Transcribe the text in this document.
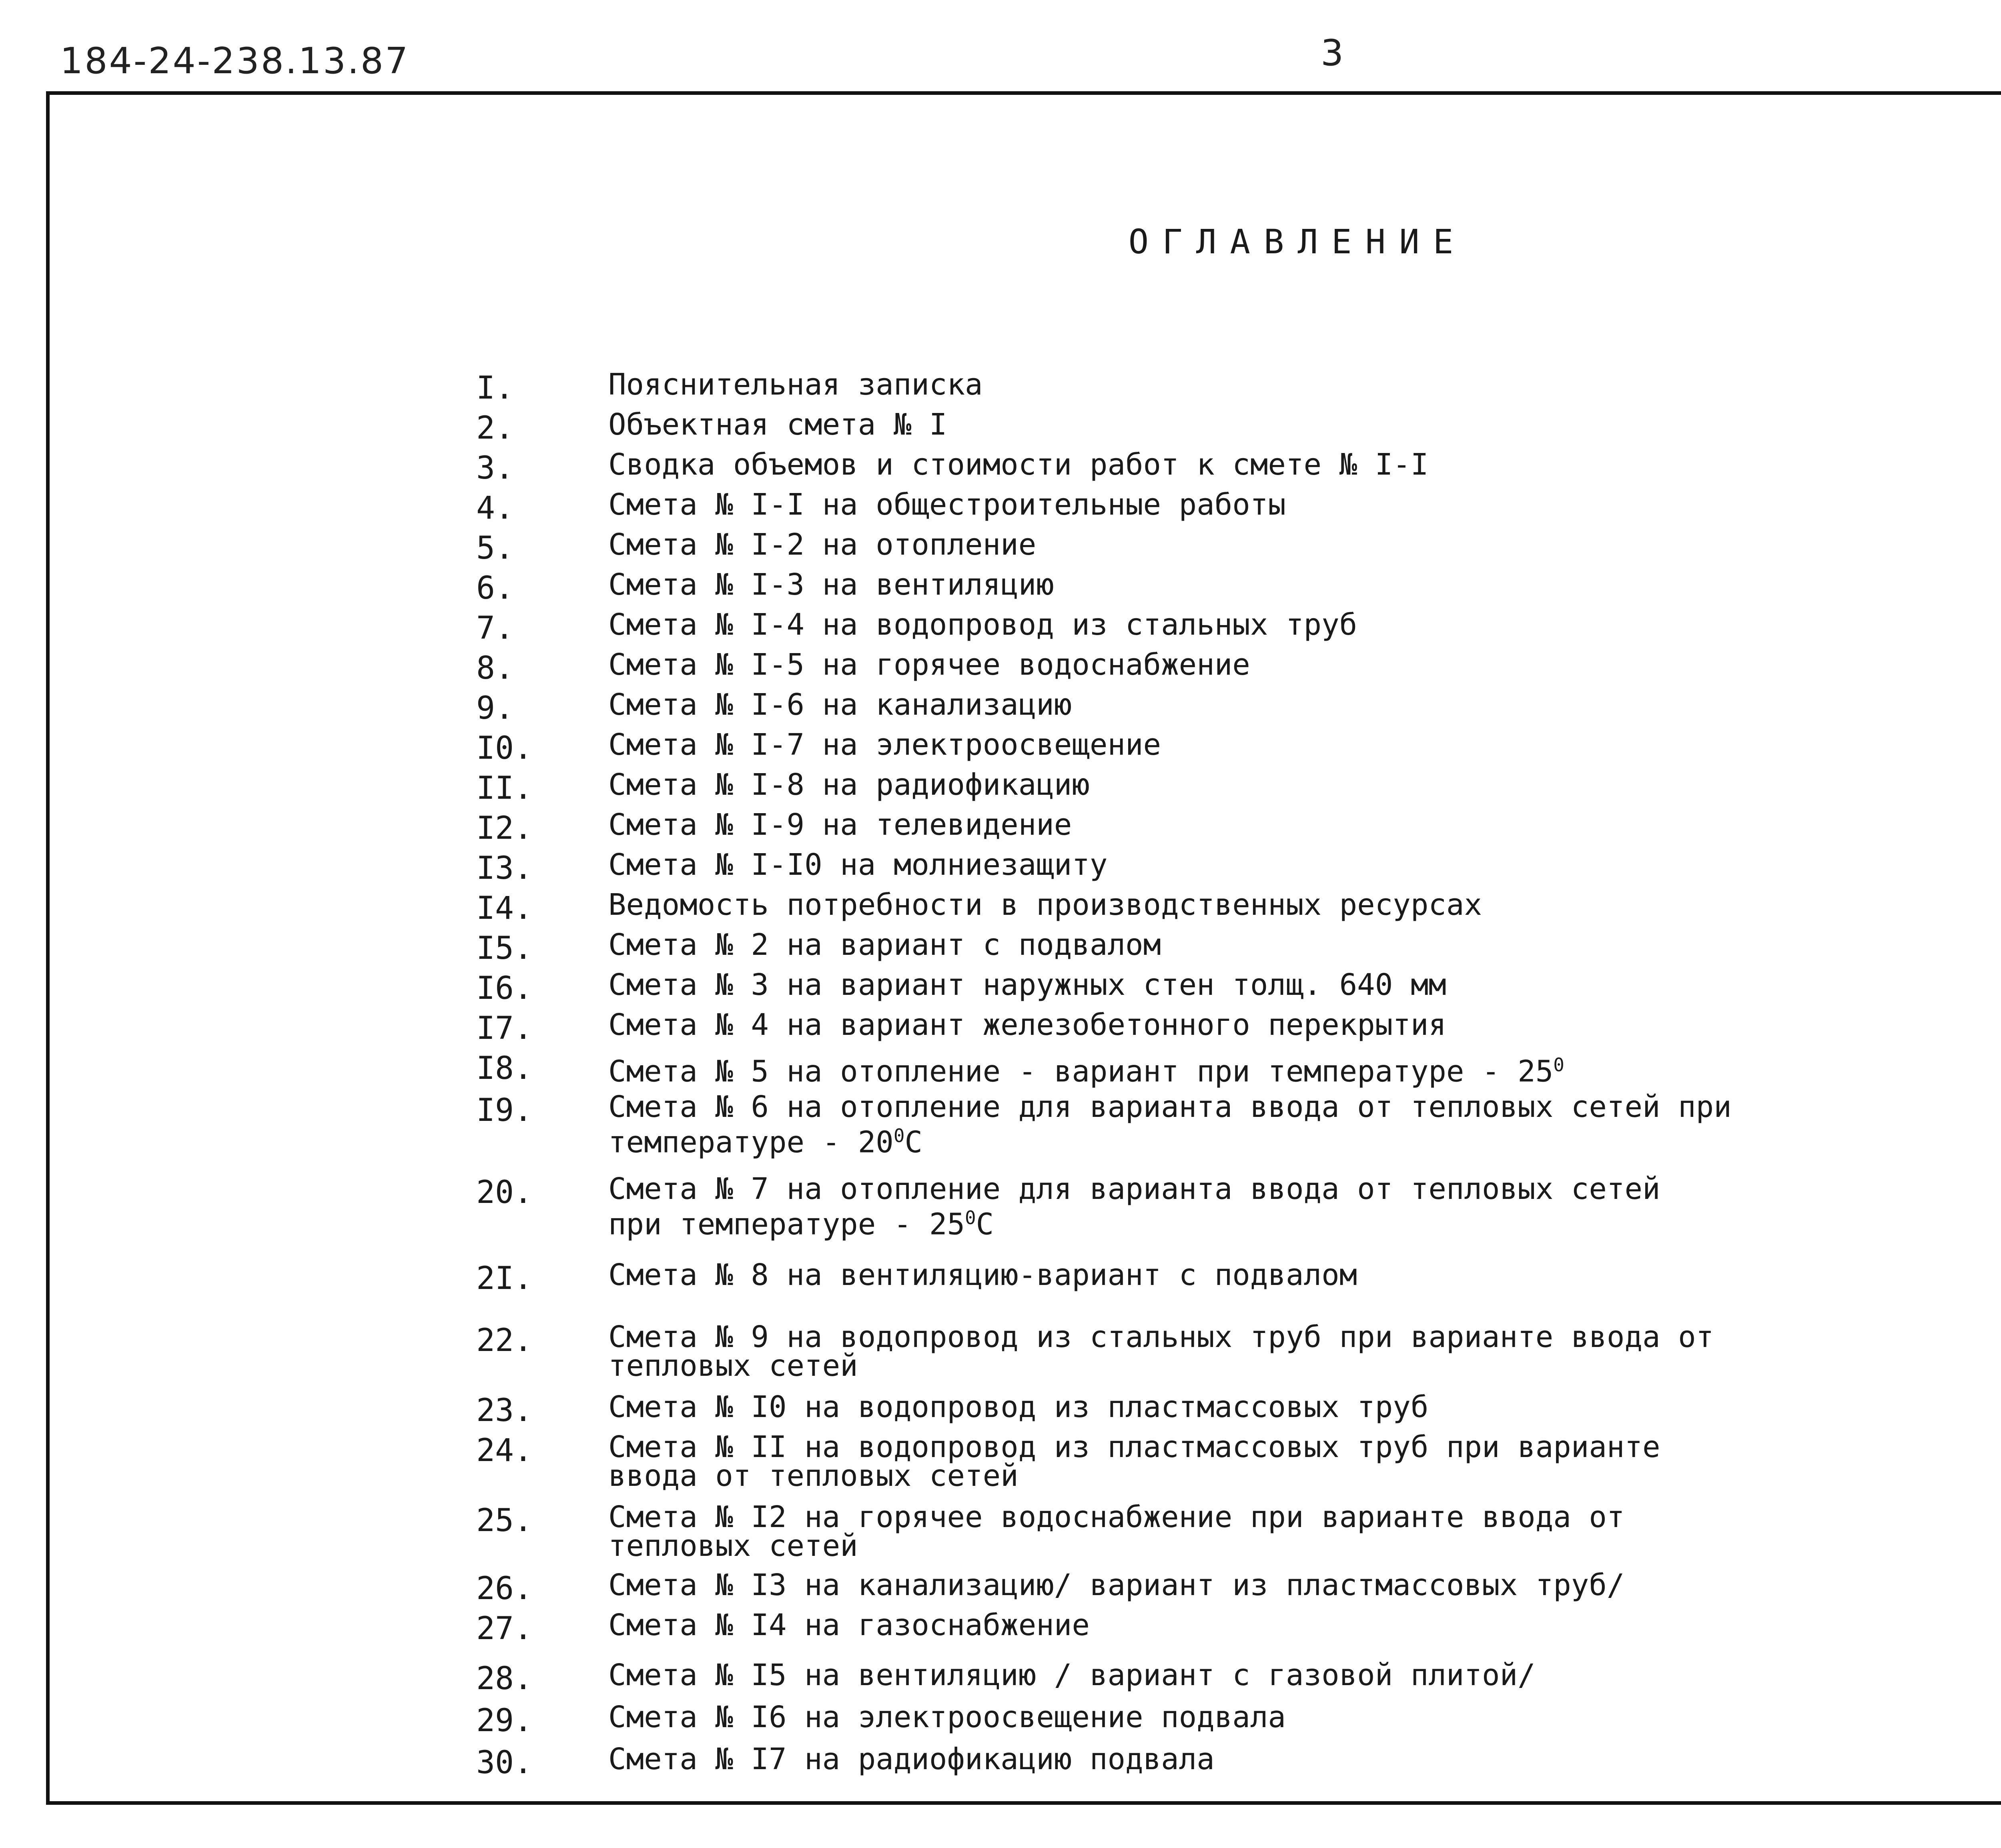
184-24-238.13.87	3
ОГЛАВЛЕНИЕ
I.	Пояснительная записка
2.	Объектная смета № I
3.	Сводка объемов и стоимости работ к смете № I-I
4.	Смета № I-I на общестроительные работы
5.	Смета № I-2 на отопление
6.	Смета № I-3 на вентиляцию
7.	Смета № I-4 на водопровод из стальных труб
8.	Смета № I-5 на горячее водоснабжение
9.	Смета № I-6 на канализацию
I0.	Смета № I-7 на электроосвещение
II.	Смета № I-8 на радиофикацию
I2.	Смета № I-9 на телевидение
I3.	Смета № I-I0 на молниезащиту
I4.	Ведомость потребности в производственных ресурсах
I5.	Смета № 2 на вариант с подвалом
I6.	Смета № 3 на вариант наружных стен толщ. 640 мм
I7.	Смета № 4 на вариант железобетонного перекрытия
I8.	Смета № 5 на отопление - вариант при температуре - $25^0$
I9.	Смета № 6 на отопление для варианта ввода от тепловых сетей при
температуре - $20^0С$
20.	Смета № 7 на отопление для варианта ввода от тепловых сетей
при температуре - $25^0С$
2I.	Смета № 8 на вентиляцию-вариант с подвалом
22.	Смета № 9 на водопровод из стальных труб при варианте ввода от
тепловых сетей
23.	Смета № I0 на водопровод из пластмассовых труб
24.	Смета № II на водопровод из пластмассовых труб при варианте
ввода от тепловых сетей
25.	Смета № I2 на горячее водоснабжение при варианте ввода от
тепловых сетей
26.	Смета № I3 на канализацию/ вариант из пластмассовых труб/
27.	Смета № I4 на газоснабжение
28.	Смета № I5 на вентиляцию / вариант с газовой плитой/
29.	Смета № I6 на электроосвещение подвала
30.	Смета № I7 на радиофикацию подвала
